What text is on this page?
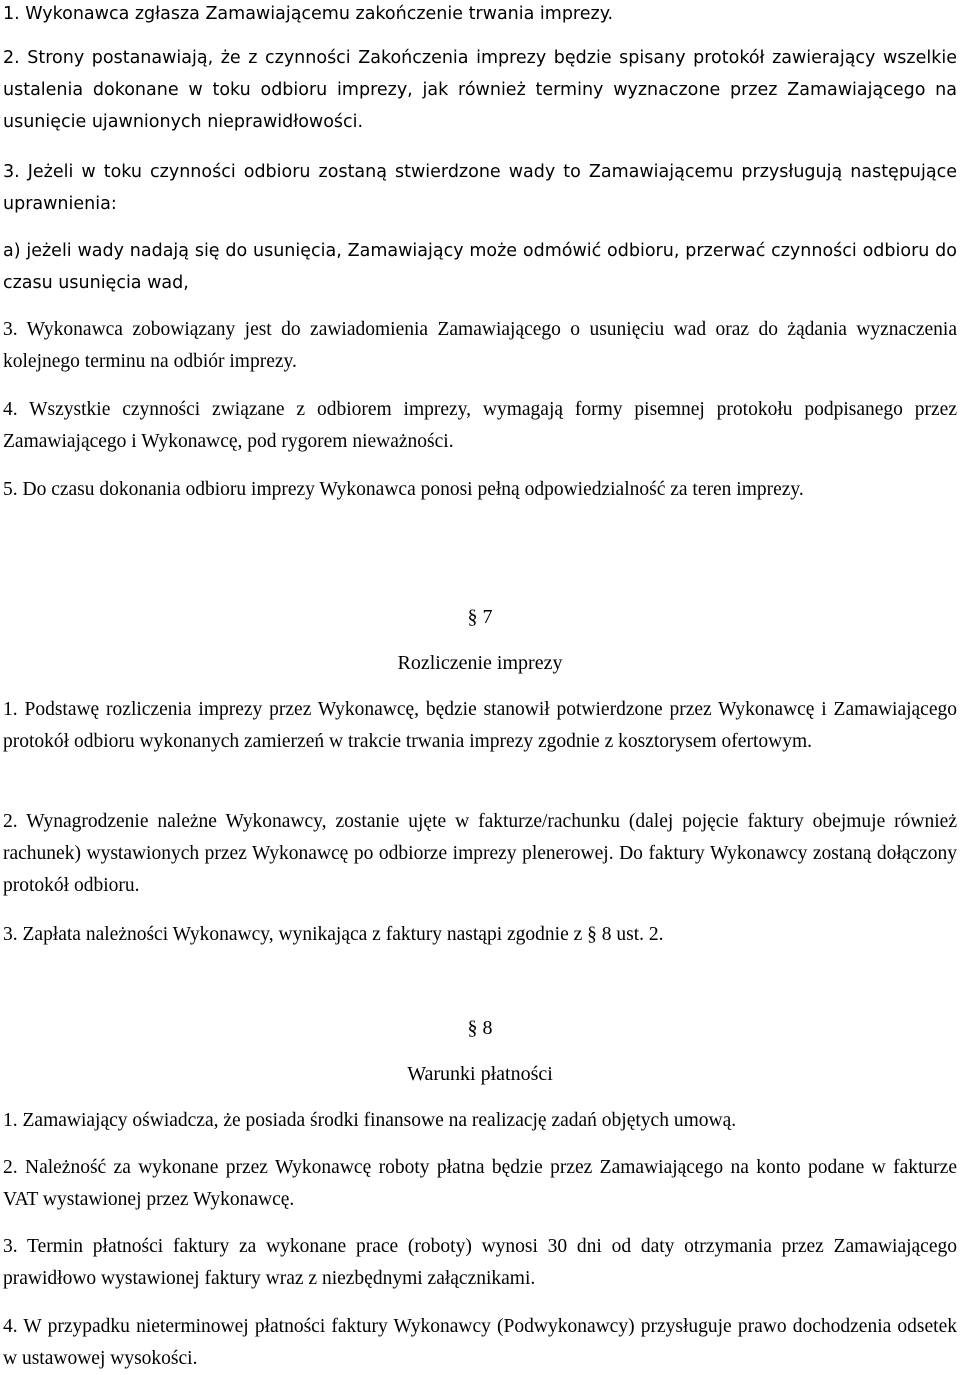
1. Wykonawca zgłasza Zamawiającemu zakończenie trwania imprezy.

2. Strony postanawiają, że z czynności Zakończenia imprezy będzie spisany protokół zawierający wszelkie ustalenia dokonane w toku odbioru imprezy, jak również terminy wyznaczone przez Zamawiającego na usunięcie ujawnionych nieprawidłowości.

3. Jeżeli w toku czynności odbioru zostaną stwierdzone wady to Zamawiającemu przysługują następujące uprawnienia:

a) jeżeli wady nadają się do usunięcia, Zamawiający może odmówić odbioru, przerwać czynności odbioru do czasu usunięcia wad,

3. Wykonawca zobowiązany jest do zawiadomienia Zamawiającego o usunięciu wad oraz do żądania wyznaczenia kolejnego terminu na odbiór imprezy.

4. Wszystkie czynności związane z odbiorem imprezy, wymagają formy pisemnej protokołu podpisanego przez Zamawiającego i Wykonawcę, pod rygorem nieważności.

5. Do czasu dokonania odbioru imprezy Wykonawca ponosi pełną odpowiedzialność za teren imprezy.

§ 7

Rozliczenie imprezy

1. Podstawę rozliczenia imprezy przez Wykonawcę, będzie stanowił potwierdzone przez Wykonawcę i Zamawiającego protokół odbioru wykonanych zamierzeń w trakcie trwania imprezy zgodnie z kosztorysem ofertowym.

2. Wynagrodzenie należne Wykonawcy, zostanie ujęte w fakturze/rachunku (dalej pojęcie faktury obejmuje również rachunek) wystawionych przez Wykonawcę po odbiorze imprezy plenerowej. Do faktury Wykonawcy zostaną dołączony protokół odbioru.

3. Zapłata należności Wykonawcy, wynikająca z faktury nastąpi zgodnie z § 8 ust. 2.

§ 8

Warunki płatności

1. Zamawiający oświadcza, że posiada środki finansowe na realizację zadań objętych umową.

2. Należność za wykonane przez Wykonawcę roboty płatna będzie przez Zamawiającego na konto podane w fakturze VAT wystawionej przez Wykonawcę.

3. Termin płatności faktury za wykonane prace (roboty) wynosi 30 dni od daty otrzymania przez Zamawiającego prawidłowo wystawionej faktury wraz z niezbędnymi załącznikami.

4. W przypadku nieterminowej płatności faktury Wykonawcy (Podwykonawcy) przysługuje prawo dochodzenia odsetek w ustawowej wysokości.
